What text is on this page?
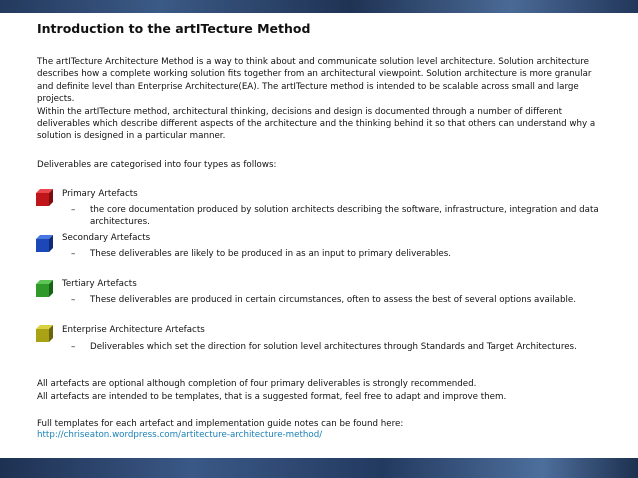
Introduction to the artITecture Method
The artITecture Architecture Method is a way to think about and communicate solution level architecture. Solution architecture
describes how a complete working solution fits together from an architectural viewpoint. Solution architecture is more granular
and definite level than Enterprise Architecture(EA). The artITecture method is intended to be scalable across small and large
projects.
Within the artITecture method, architectural thinking, decisions and design is documented through a number of different
deliverables which describe different aspects of the architecture and the thinking behind it so that others can understand why a
solution is designed in a particular manner.
Deliverables are categorised into four types as follows:
Primary Artefacts
– the core documentation produced by solution architects describing the software, infrastructure, integration and data
architectures.
Secondary Artefacts
– These deliverables are likely to be produced in as an input to primary deliverables.
Tertiary Artefacts
– These deliverables are produced in certain circumstances, often to assess the best of several options available.
Enterprise Architecture Artefacts
– Deliverables which set the direction for solution level architectures through Standards and Target Architectures.
All artefacts are optional although completion of four primary deliverables is strongly recommended.
All artefacts are intended to be templates, that is a suggested format, feel free to adapt and improve them.
Full templates for each artefact and implementation guide notes can be found here:
http://chriseaton.wordpress.com/artitecture-architecture-method/
